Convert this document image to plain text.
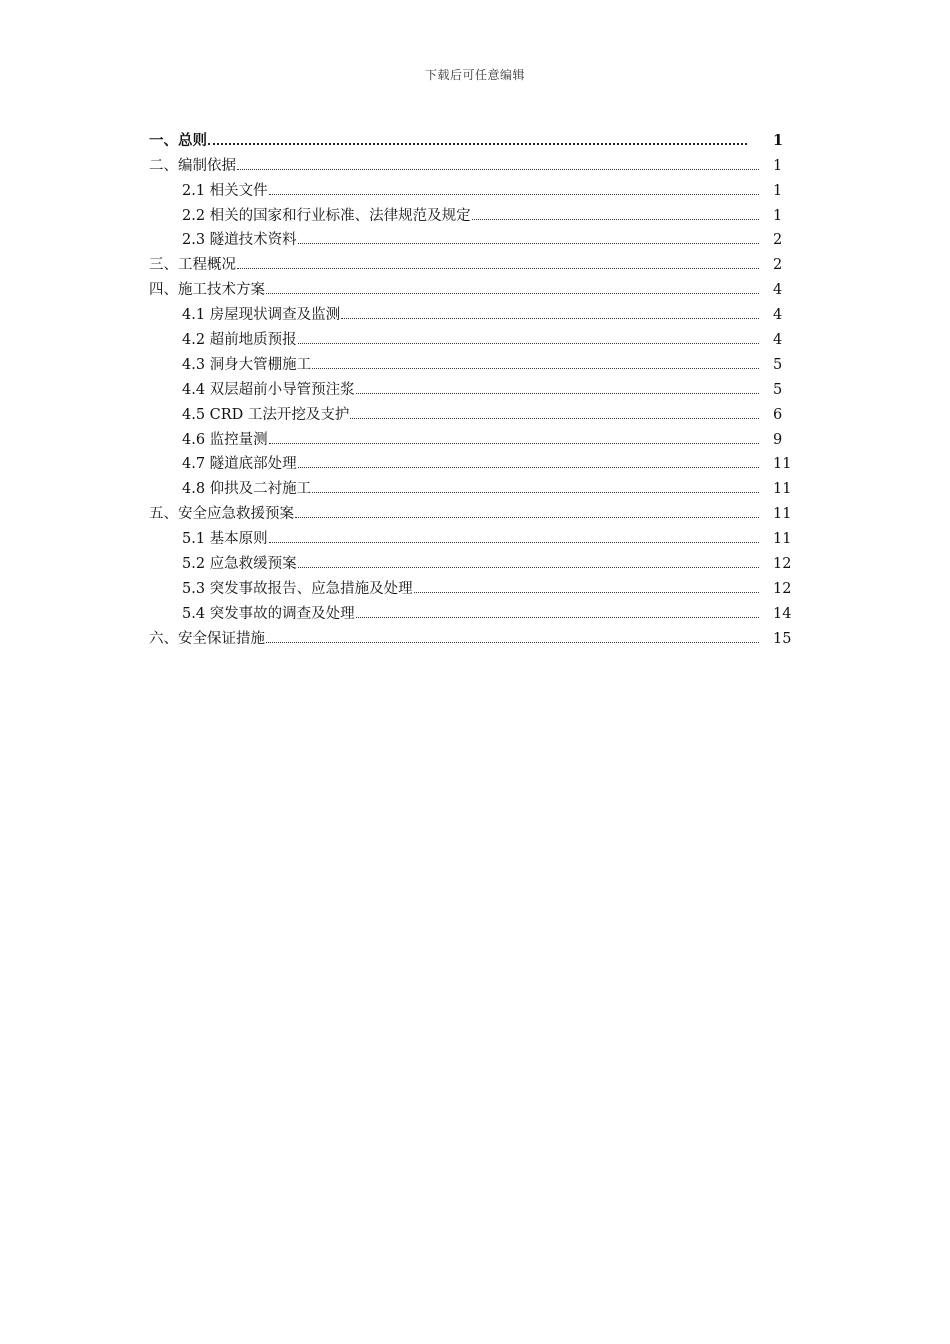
下载后可任意编辑
一、总则	1
二、编制依据	1
2.1 相关文件	1
2.2 相关的国家和行业标准、法律规范及规定	1
2.3 隧道技术资料	2
三、工程概况	2
四、施工技术方案	4
4.1 房屋现状调查及监测	4
4.2 超前地质预报	4
4.3 洞身大管棚施工	5
4.4 双层超前小导管预注浆	5
4.5 CRD 工法开挖及支护	6
4.6 监控量测	9
4.7 隧道底部处理	11
4.8 仰拱及二衬施工	11
五、安全应急救援预案	11
5.1 基本原则	11
5.2 应急救缓预案	12
5.3 突发事故报告、应急措施及处理	12
5.4 突发事故的调查及处理	14
六、安全保证措施	15
